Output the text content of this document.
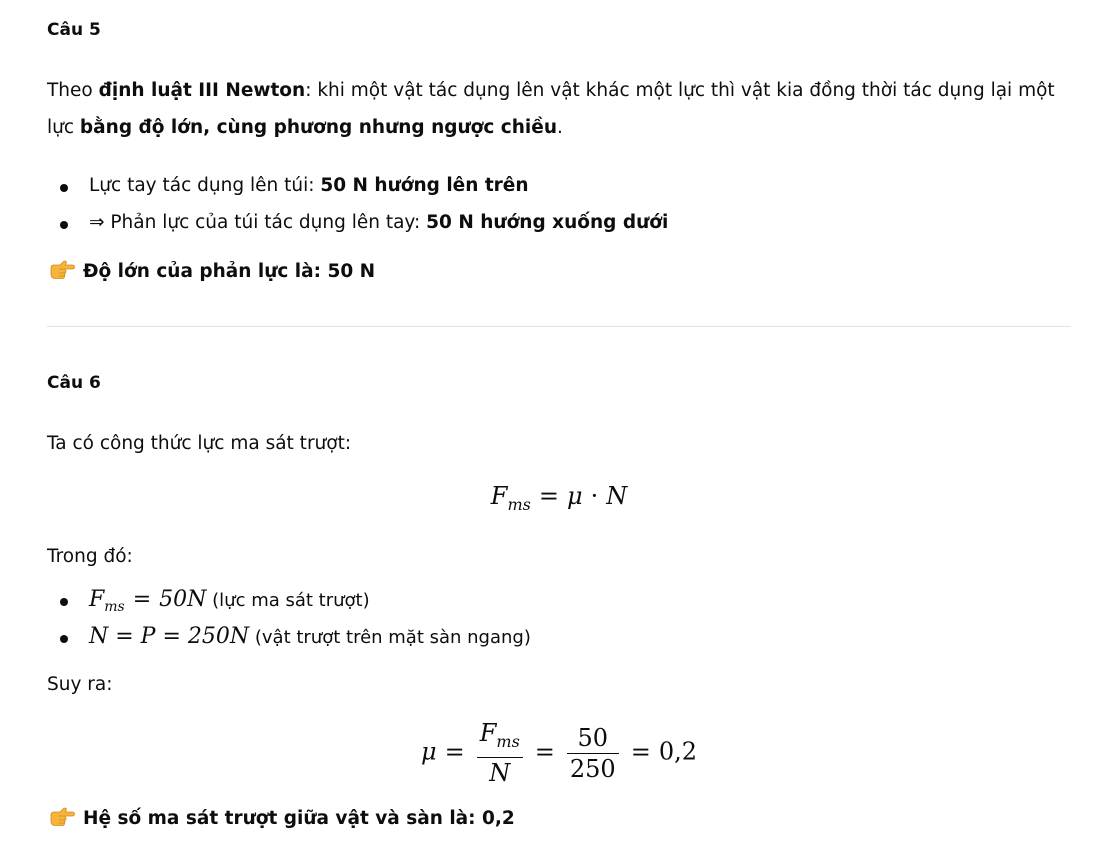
Câu 5
Theo định luật III Newton: khi một vật tác dụng lên vật khác một lực thì vật kia đồng thời tác dụng lại một lực bằng độ lớn, cùng phương nhưng ngược chiều.
Lực tay tác dụng lên túi: 50 N hướng lên trên
⇒ Phản lực của túi tác dụng lên tay: 50 N hướng xuống dưới
Độ lớn của phản lực là: 50 N
Câu 6
Ta có công thức lực ma sát trượt:
$F_{ms} = \mu \cdot N$
Trong đó:
$F_{ms} = 50N$ (lực ma sát trượt)
N = P = 250N (vật trượt trên mặt sàn ngang)
Suy ra:
$\mu = \frac{F_{ms}}{N} = \frac{50}{250} = 0,2$
Hệ số ma sát trượt giữa vật và sàn là: 0,2
